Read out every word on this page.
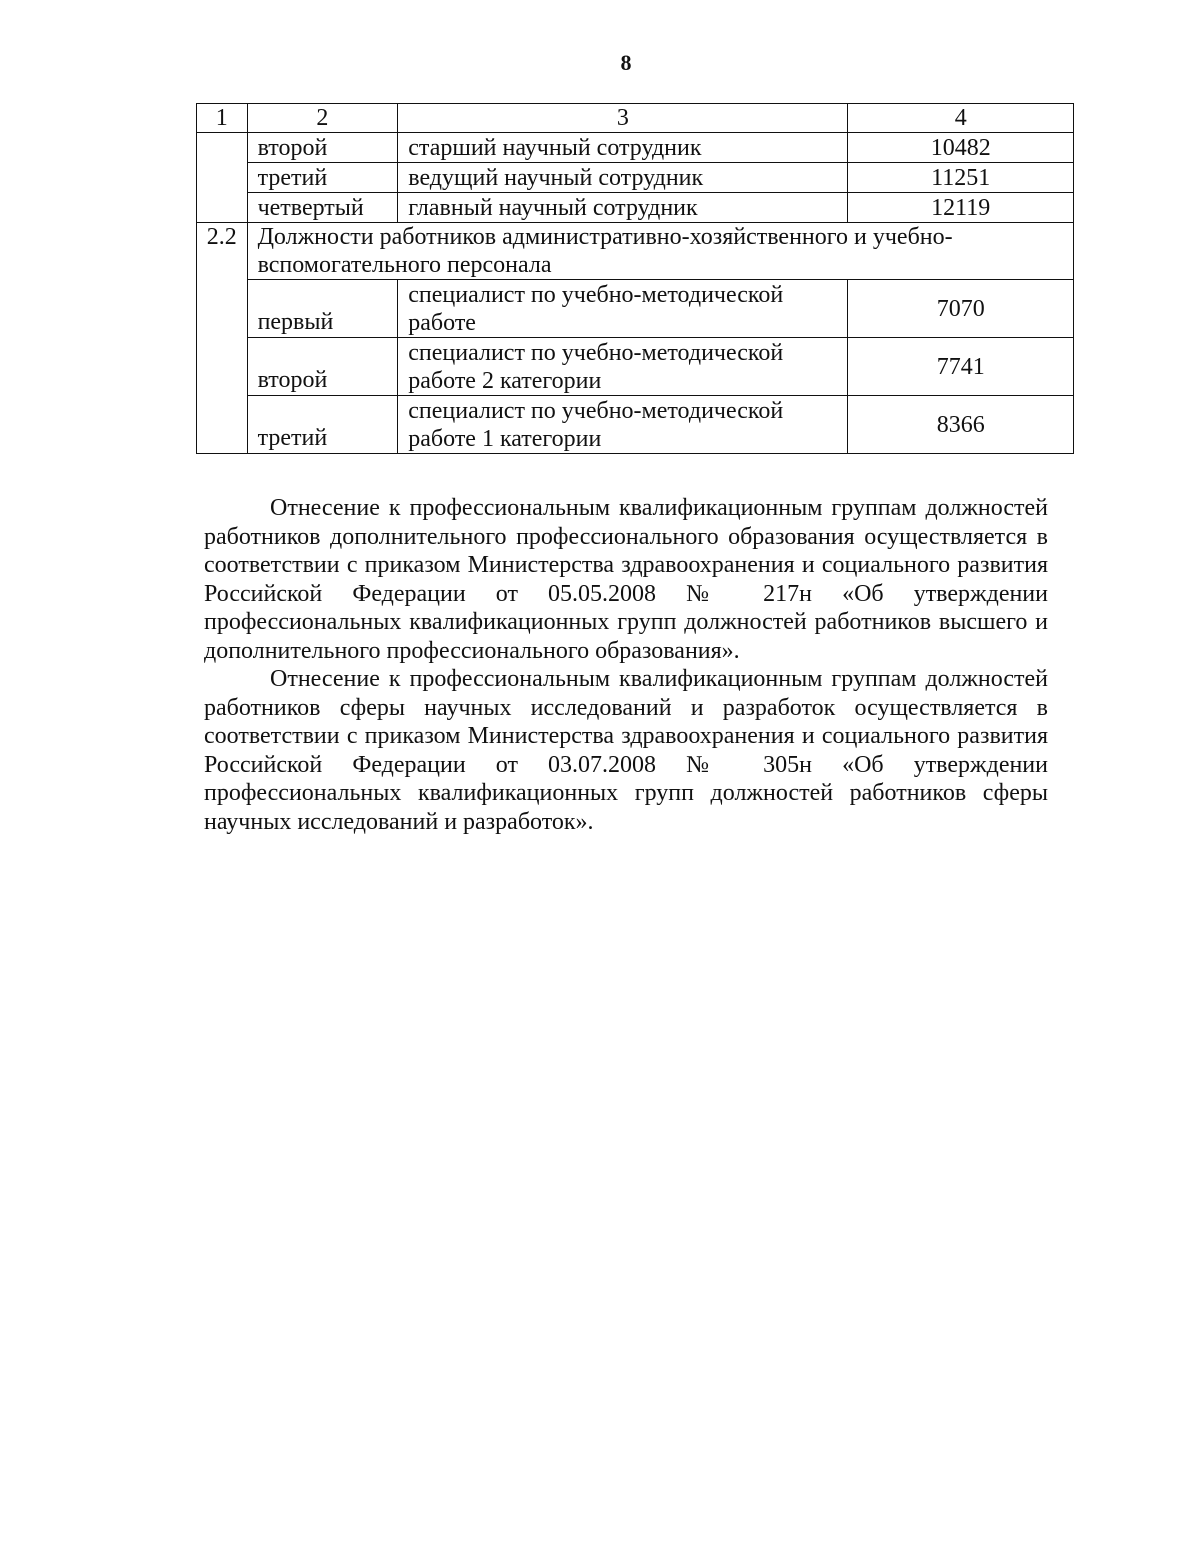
8
1	2	3	4
	второй	старший научный сотрудник	10482
	третий	ведущий научный сотрудник	11251
	четвертый	главный научный сотрудник	12119
2.2	Должности работников административно-хозяйственного и учебно-вспомогательного персонала		
	первый	специалист по учебно-методической работе	7070
	второй	специалист по учебно-методической работе 2 категории	7741
	третий	специалист по учебно-методической работе 1 категории	8366

Отнесение к профессиональным квалификационным группам должностей работников дополнительного профессионального образования осуществляется в соответствии с приказом Министерства здравоохранения и социального развития Российской Федерации от 05.05.2008 № 217н «Об утверждении профессиональных квалификационных групп должностей работников высшего и дополнительного профессионального образования».

Отнесение к профессиональным квалификационным группам должностей работников сферы научных исследований и разработок осуществляется в соответствии с приказом Министерства здравоохранения и социального развития Российской Федерации от 03.07.2008 № 305н «Об утверждении профессиональных квалификационных групп должностей работников сферы научных исследований и разработок».
